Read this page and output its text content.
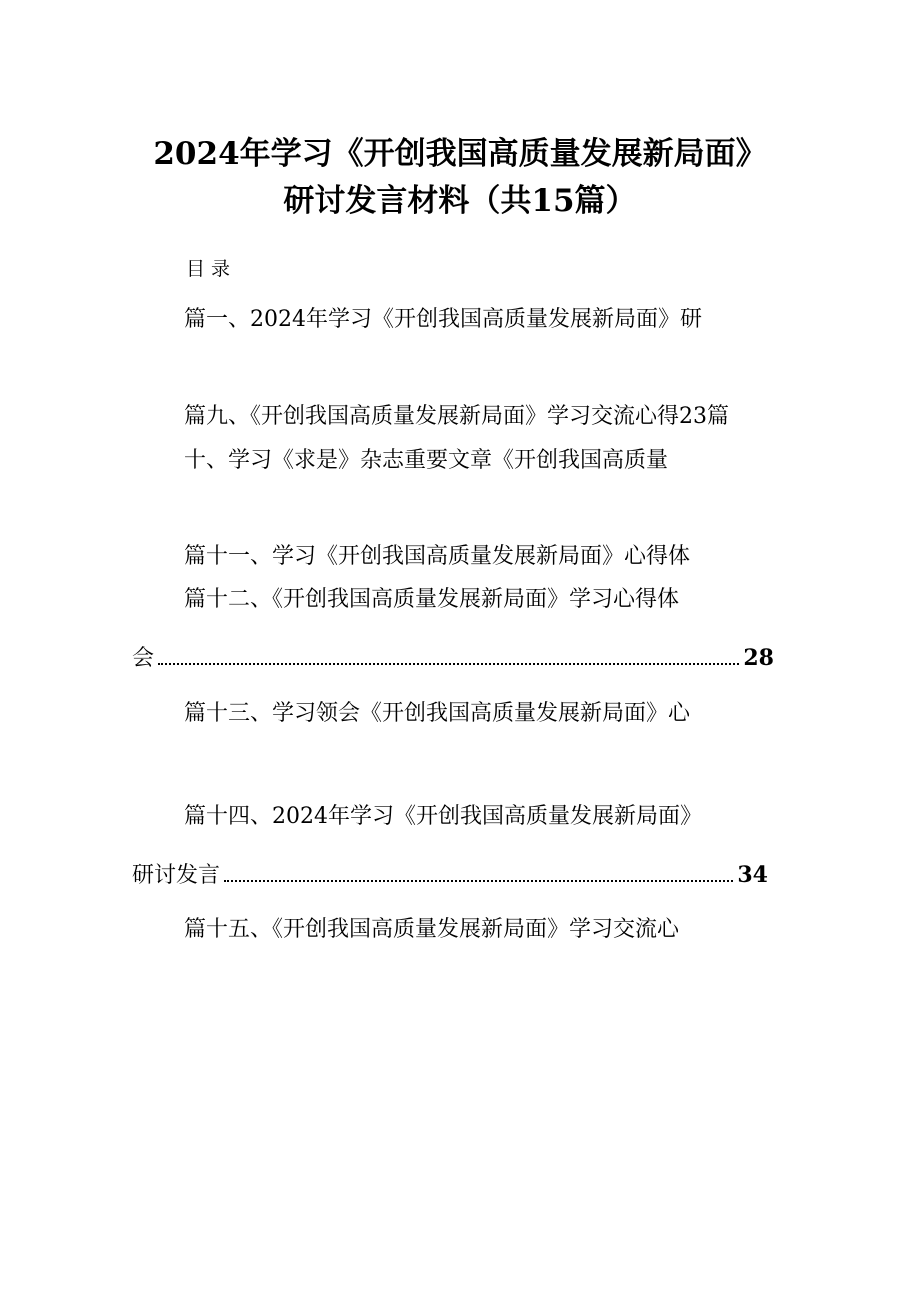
2024年学习《开创我国高质量发展新局面》
研讨发言材料（共15篇）
目录
篇一、2024年学习《开创我国高质量发展新局面》研
篇九、《开创我国高质量发展新局面》学习交流心得23篇
十、学习《求是》杂志重要文章《开创我国高质量
篇十一、学习《开创我国高质量发展新局面》心得体
篇十二、《开创我国高质量发展新局面》学习心得体
会	28
篇十三、学习领会《开创我国高质量发展新局面》心
篇十四、2024年学习《开创我国高质量发展新局面》
研讨发言	34
篇十五、《开创我国高质量发展新局面》学习交流心
